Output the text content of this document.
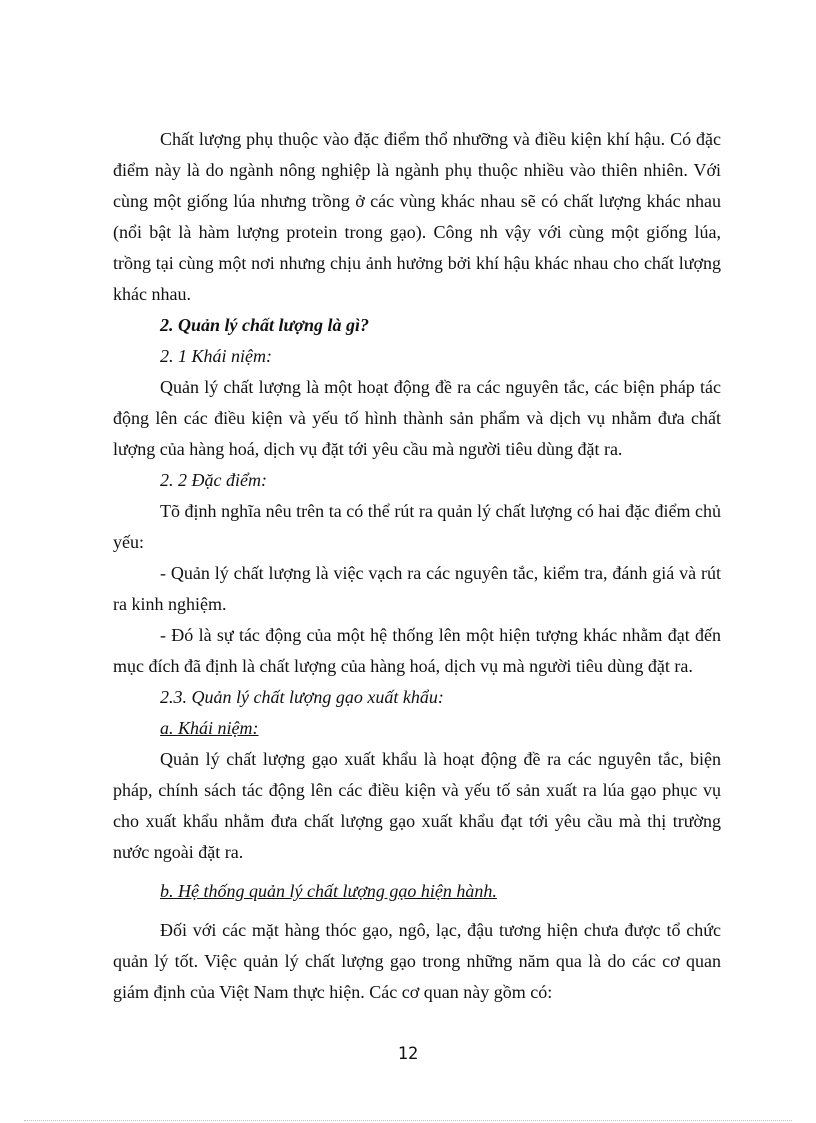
Chất lượng phụ thuộc vào đặc điểm thổ nhưỡng và điều kiện khí hậu. Có đặc điểm này là do ngành nông nghiệp là ngành phụ thuộc nhiều vào thiên nhiên. Với cùng một giống lúa nhưng trồng ở các vùng khác nhau sẽ có chất lượng khác nhau (nổi bật là hàm lượng protein trong gạo). Công nh vậy với cùng một giống lúa, trồng tại cùng một nơi nhưng chịu ảnh hưởng bởi khí hậu khác nhau cho chất lượng khác nhau.

2. Quản lý chất lượng là gì?

2. 1 Khái niệm:

Quản lý chất lượng là một hoạt động đề ra các nguyên tắc, các biện pháp tác động lên các điều kiện và yếu tố hình thành sản phẩm và dịch vụ nhằm đưa chất lượng của hàng hoá, dịch vụ đặt tới yêu cầu mà người tiêu dùng đặt ra.

2. 2 Đặc điểm:

Tõ định nghĩa nêu trên ta có thể rút ra quản lý chất lượng có hai đặc điểm chủ yếu:

- Quản lý chất lượng là việc vạch ra các nguyên tắc, kiểm tra, đánh giá và rút ra kinh nghiệm.

- Đó là sự tác động của một hệ thống lên một hiện tượng khác nhằm đạt đến mục đích đã định là chất lượng của hàng hoá, dịch vụ mà người tiêu dùng đặt ra.

2.3. Quản lý chất lượng gạo xuất khẩu:

a. Khái niệm:

Quản lý chất lượng gạo xuất khẩu là hoạt động đề ra các nguyên tắc, biện pháp, chính sách tác động lên các điều kiện và yếu tố sản xuất ra lúa gạo phục vụ cho xuất khẩu nhằm đưa chất lượng gạo xuất khẩu đạt tới yêu cầu mà thị trường nước ngoài đặt ra.

b. Hệ thống quản lý chất lượng gạo hiện hành.

Đối với các mặt hàng thóc gạo, ngô, lạc, đậu tương hiện chưa được tổ chức quản lý tốt. Việc quản lý chất lượng gạo trong những năm qua là do các cơ quan giám định của Việt Nam thực hiện. Các cơ quan này gồm có:

12
